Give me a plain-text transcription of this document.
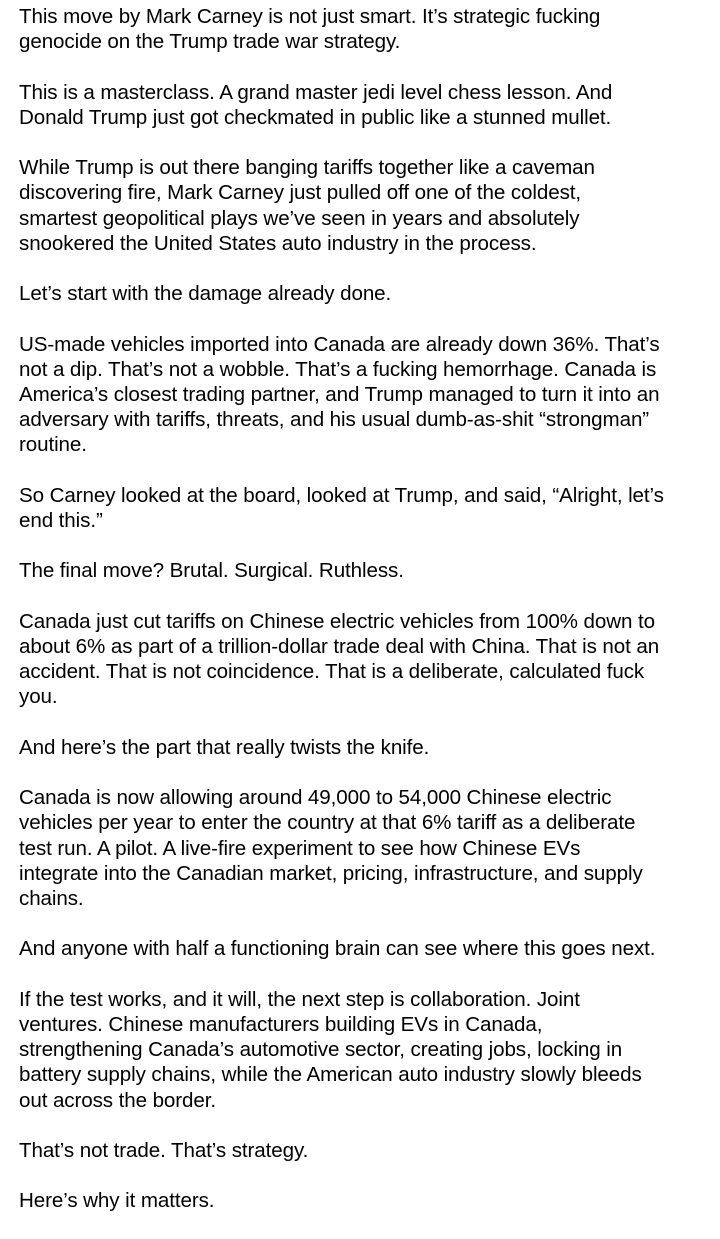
This move by Mark Carney is not just smart. It’s strategic fucking
genocide on the Trump trade war strategy.
This is a masterclass. A grand master jedi level chess lesson. And
Donald Trump just got checkmated in public like a stunned mullet.
While Trump is out there banging tariffs together like a caveman
discovering fire, Mark Carney just pulled off one of the coldest,
smartest geopolitical plays we’ve seen in years and absolutely
snookered the United States auto industry in the process.
Let’s start with the damage already done.
US-made vehicles imported into Canada are already down 36%. That’s
not a dip. That’s not a wobble. That’s a fucking hemorrhage. Canada is
America’s closest trading partner, and Trump managed to turn it into an
adversary with tariffs, threats, and his usual dumb-as-shit “strongman”
routine.
So Carney looked at the board, looked at Trump, and said, “Alright, let’s
end this.”
The final move? Brutal. Surgical. Ruthless.
Canada just cut tariffs on Chinese electric vehicles from 100% down to
about 6% as part of a trillion-dollar trade deal with China. That is not an
accident. That is not coincidence. That is a deliberate, calculated fuck
you.
And here’s the part that really twists the knife.
Canada is now allowing around 49,000 to 54,000 Chinese electric
vehicles per year to enter the country at that 6% tariff as a deliberate
test run. A pilot. A live-fire experiment to see how Chinese EVs
integrate into the Canadian market, pricing, infrastructure, and supply
chains.
And anyone with half a functioning brain can see where this goes next.
If the test works, and it will, the next step is collaboration. Joint
ventures. Chinese manufacturers building EVs in Canada,
strengthening Canada’s automotive sector, creating jobs, locking in
battery supply chains, while the American auto industry slowly bleeds
out across the border.
That’s not trade. That’s strategy.
Here’s why it matters.
